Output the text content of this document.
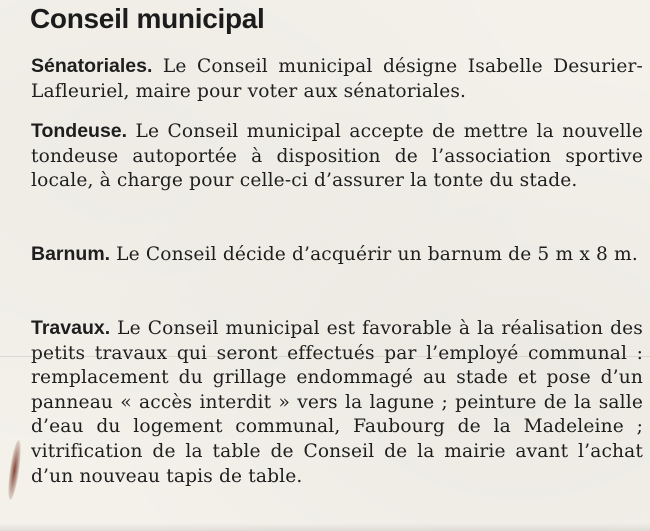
Conseil municipal

Sénatoriales. Le Conseil municipal désigne Isabelle Desurier-Lafleuriel, maire pour voter aux sénatoriales.

Tondeuse. Le Conseil municipal accepte de mettre la nouvelle tondeuse autoportée à disposition de l’association sportive locale, à charge pour celle-ci d’assurer la tonte du stade.

Barnum. Le Conseil décide d’acquérir un barnum de 5 m x 8 m.

Travaux. Le Conseil municipal est favorable à la réalisation des petits travaux qui seront effectués par l’employé communal : remplacement du grillage endommagé au stade et pose d’un panneau « accès interdit » vers la lagune ; peinture de la salle d’eau du logement communal, Faubourg de la Madeleine ; vitrification de la table de Conseil de la mairie avant l’achat d’un nouveau tapis de table.
